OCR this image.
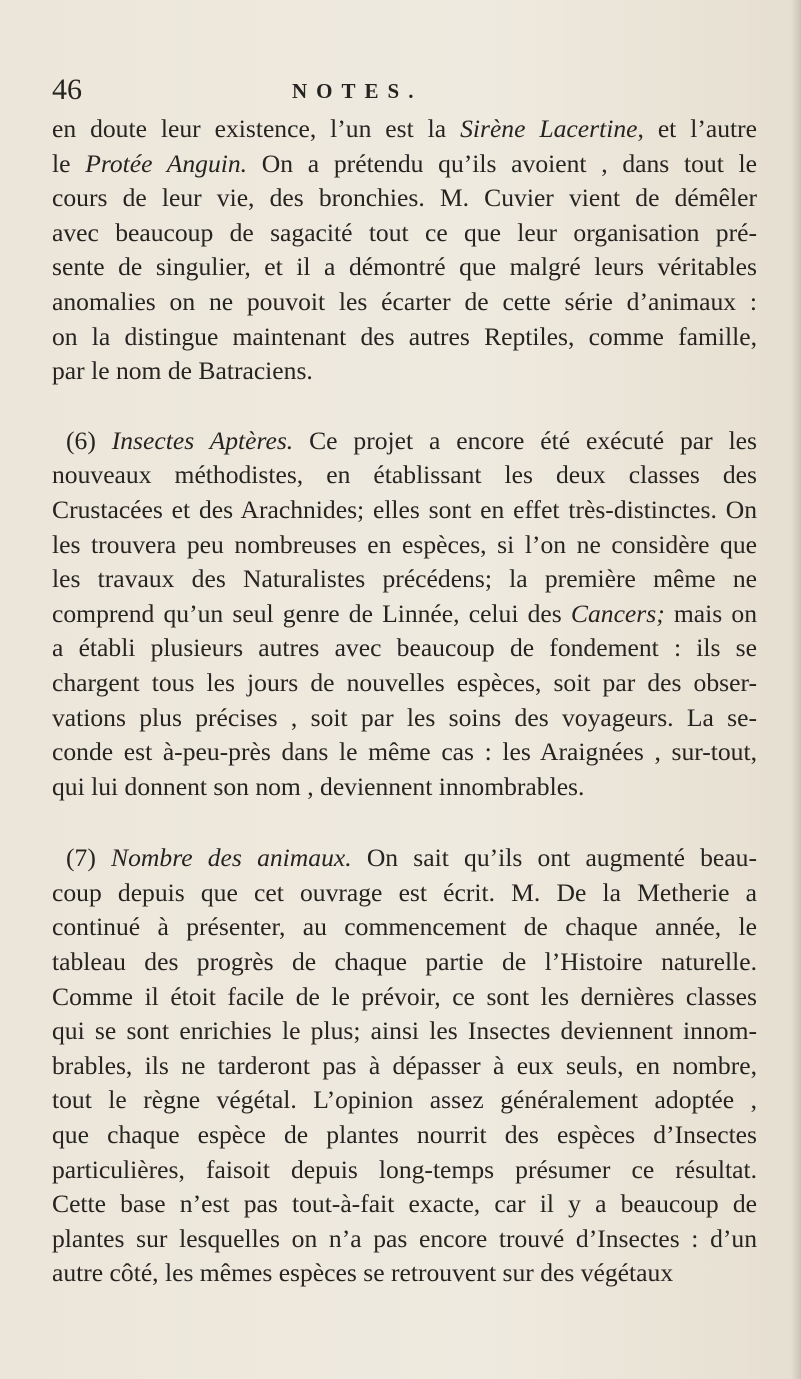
46	NOTES.

en doute leur existence, l’un est la Sirène Lacertine, et l’autre
le Protée Anguin. On a prétendu qu’ils avoient , dans tout le
cours de leur vie, des bronchies. M. Cuvier vient de démêler
avec beaucoup de sagacité tout ce que leur organisation pré-
sente de singulier, et il a démontré que malgré leurs véritables
anomalies on ne pouvoit les écarter de cette série d’animaux :
on la distingue maintenant des autres Reptiles, comme famille,
par le nom de Batraciens.

(6) Insectes Aptères. Ce projet a encore été exécuté par les
nouveaux méthodistes, en établissant les deux classes des
Crustacées et des Arachnides; elles sont en effet très-distinctes. On
les trouvera peu nombreuses en espèces, si l’on ne considère que
les travaux des Naturalistes précédens; la première même ne
comprend qu’un seul genre de Linnée, celui des Cancers; mais on
a établi plusieurs autres avec beaucoup de fondement : ils se
chargent tous les jours de nouvelles espèces, soit par des obser-
vations plus précises , soit par les soins des voyageurs. La se-
conde est à-peu-près dans le même cas : les Araignées , sur-tout,
qui lui donnent son nom , deviennent innombrables.

(7) Nombre des animaux. On sait qu’ils ont augmenté beau-
coup depuis que cet ouvrage est écrit. M. De la Metherie a
continué à présenter, au commencement de chaque année, le
tableau des progrès de chaque partie de l’Histoire naturelle.
Comme il étoit facile de le prévoir, ce sont les dernières classes
qui se sont enrichies le plus; ainsi les Insectes deviennent innom-
brables, ils ne tarderont pas à dépasser à eux seuls, en nombre,
tout le règne végétal. L’opinion assez généralement adoptée ,
que chaque espèce de plantes nourrit des espèces d’Insectes
particulières, faisoit depuis long-temps présumer ce résultat.
Cette base n’est pas tout-à-fait exacte, car il y a beaucoup de
plantes sur lesquelles on n’a pas encore trouvé d’Insectes : d’un
autre côté, les mêmes espèces se retrouvent sur des végétaux
